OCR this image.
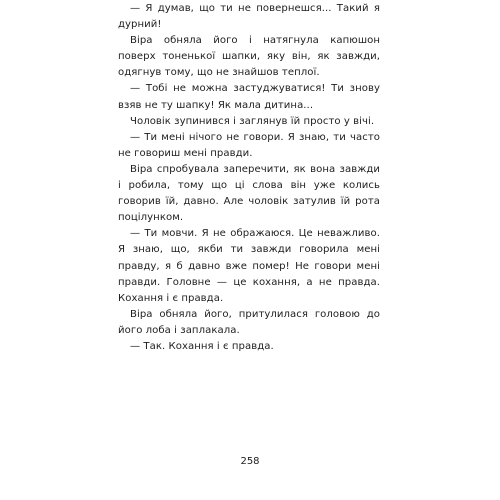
— Я думав, що ти не повернешся... Такий я дурний!

Віра обняла його і натягнула капюшон поверх тоненької шапки, яку він, як завжди, одягнув тому, що не знайшов теплої.

— Тобі не можна застуджуватися! Ти знову взяв не ту шапку! Як мала дитина...

Чоловік зупинився і заглянув їй просто у вічі.

— Ти мені нічого не говори. Я знаю, ти часто не говориш мені правди.

Віра спробувала заперечити, як вона завжди і робила, тому що ці слова він уже колись говорив їй, давно. Але чоловік затулив їй рота поцілунком.

— Ти мовчи. Я не ображаюся. Це неважливо. Я знаю, що, якби ти завжди говорила мені правду, я б давно вже помер! Не говори мені правди. Головне — це кохання, а не правда. Кохання і є правда.

Віра обняла його, притулилася головою до його лоба і заплакала.

— Так. Кохання і є правда.

258
